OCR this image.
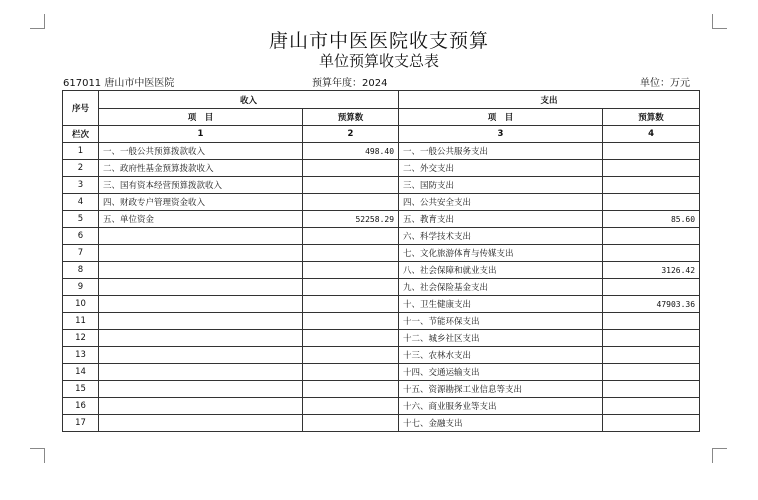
唐山市中医医院收支预算
单位预算收支总表
617011 唐山市中医医院	预算年度：2024	单位：万元
序号	收入		支出	
	项　目	预算数	项　目	预算数
栏次	1	2	3	4
1	一、一般公共预算拨款收入	498.40	一、一般公共服务支出	
2	二、政府性基金预算拨款收入		二、外交支出	
3	三、国有资本经营预算拨款收入		三、国防支出	
4	四、财政专户管理资金收入		四、公共安全支出	
5	五、单位资金	52258.29	五、教育支出	85.60
6			六、科学技术支出	
7			七、文化旅游体育与传媒支出	
8			八、社会保障和就业支出	3126.42
9			九、社会保险基金支出	
10			十、卫生健康支出	47903.36
11			十一、节能环保支出	
12			十二、城乡社区支出	
13			十三、农林水支出	
14			十四、交通运输支出	
15			十五、资源勘探工业信息等支出	
16			十六、商业服务业等支出	
17			十七、金融支出	
